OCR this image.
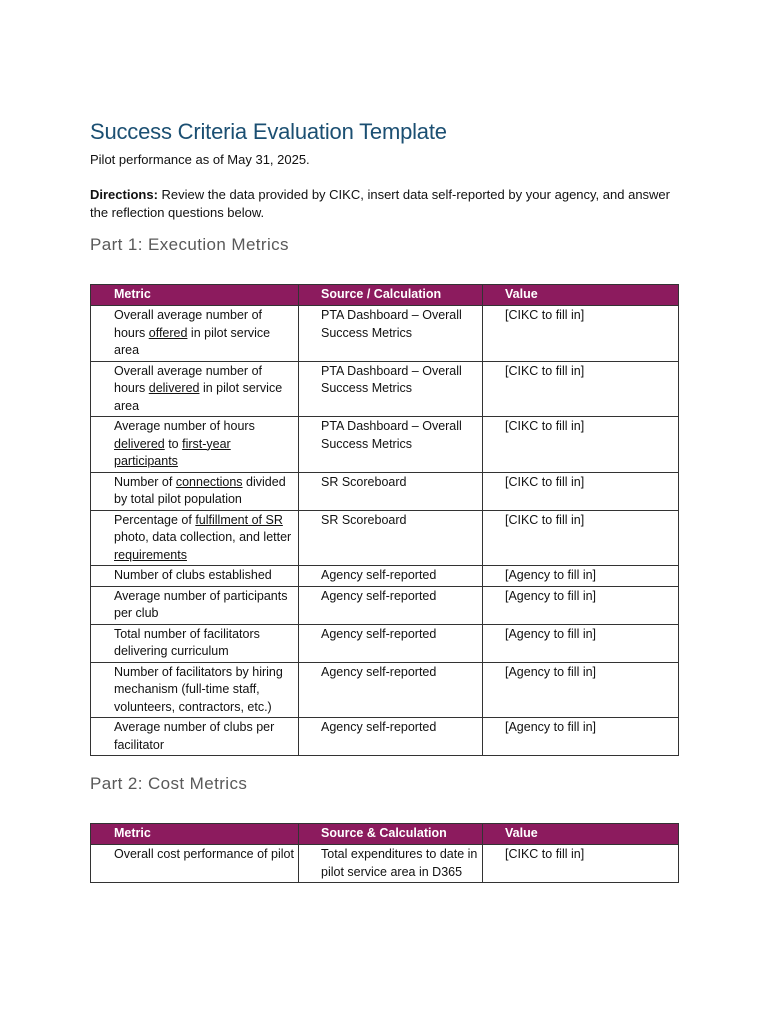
Success Criteria Evaluation Template
Pilot performance as of May 31, 2025.
Directions: Review the data provided by CIKC, insert data self-reported by your agency, and answer the reflection questions below.
Part 1: Execution Metrics
Metric	Source / Calculation	Value
Overall average number of hours offered in pilot service area	PTA Dashboard – Overall Success Metrics	[CIKC to fill in]
Overall average number of hours delivered in pilot service area	PTA Dashboard – Overall Success Metrics	[CIKC to fill in]
Average number of hours delivered to first-year participants	PTA Dashboard – Overall Success Metrics	[CIKC to fill in]
Number of connections divided by total pilot population	SR Scoreboard	[CIKC to fill in]
Percentage of fulfillment of SR photo, data collection, and letter requirements	SR Scoreboard	[CIKC to fill in]
Number of clubs established	Agency self-reported	[Agency to fill in]
Average number of participants per club	Agency self-reported	[Agency to fill in]
Total number of facilitators delivering curriculum	Agency self-reported	[Agency to fill in]
Number of facilitators by hiring mechanism (full-time staff, volunteers, contractors, etc.)	Agency self-reported	[Agency to fill in]
Average number of clubs per facilitator	Agency self-reported	[Agency to fill in]
Part 2: Cost Metrics
Metric	Source & Calculation	Value
Overall cost performance of pilot	Total expenditures to date in pilot service area in D365	[CIKC to fill in]
